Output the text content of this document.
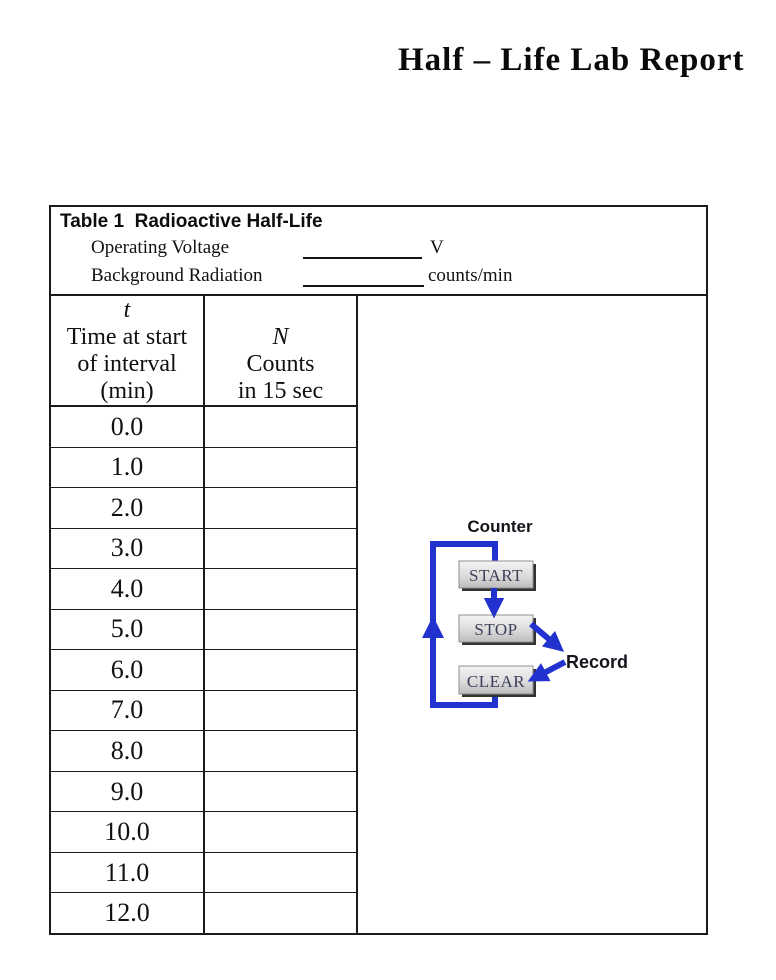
Half – Life Lab Report
Table 1  Radioactive Half-Life
Operating Voltage	V
Background Radiation	counts/min
t
Time at start
of interval
(min)
0.0
1.0
2.0
3.0
4.0
5.0
6.0
7.0
8.0
9.0
10.0
11.0
12.0

N
Counts
in 15 sec
START
STOP
CLEAR
Counter
Record
